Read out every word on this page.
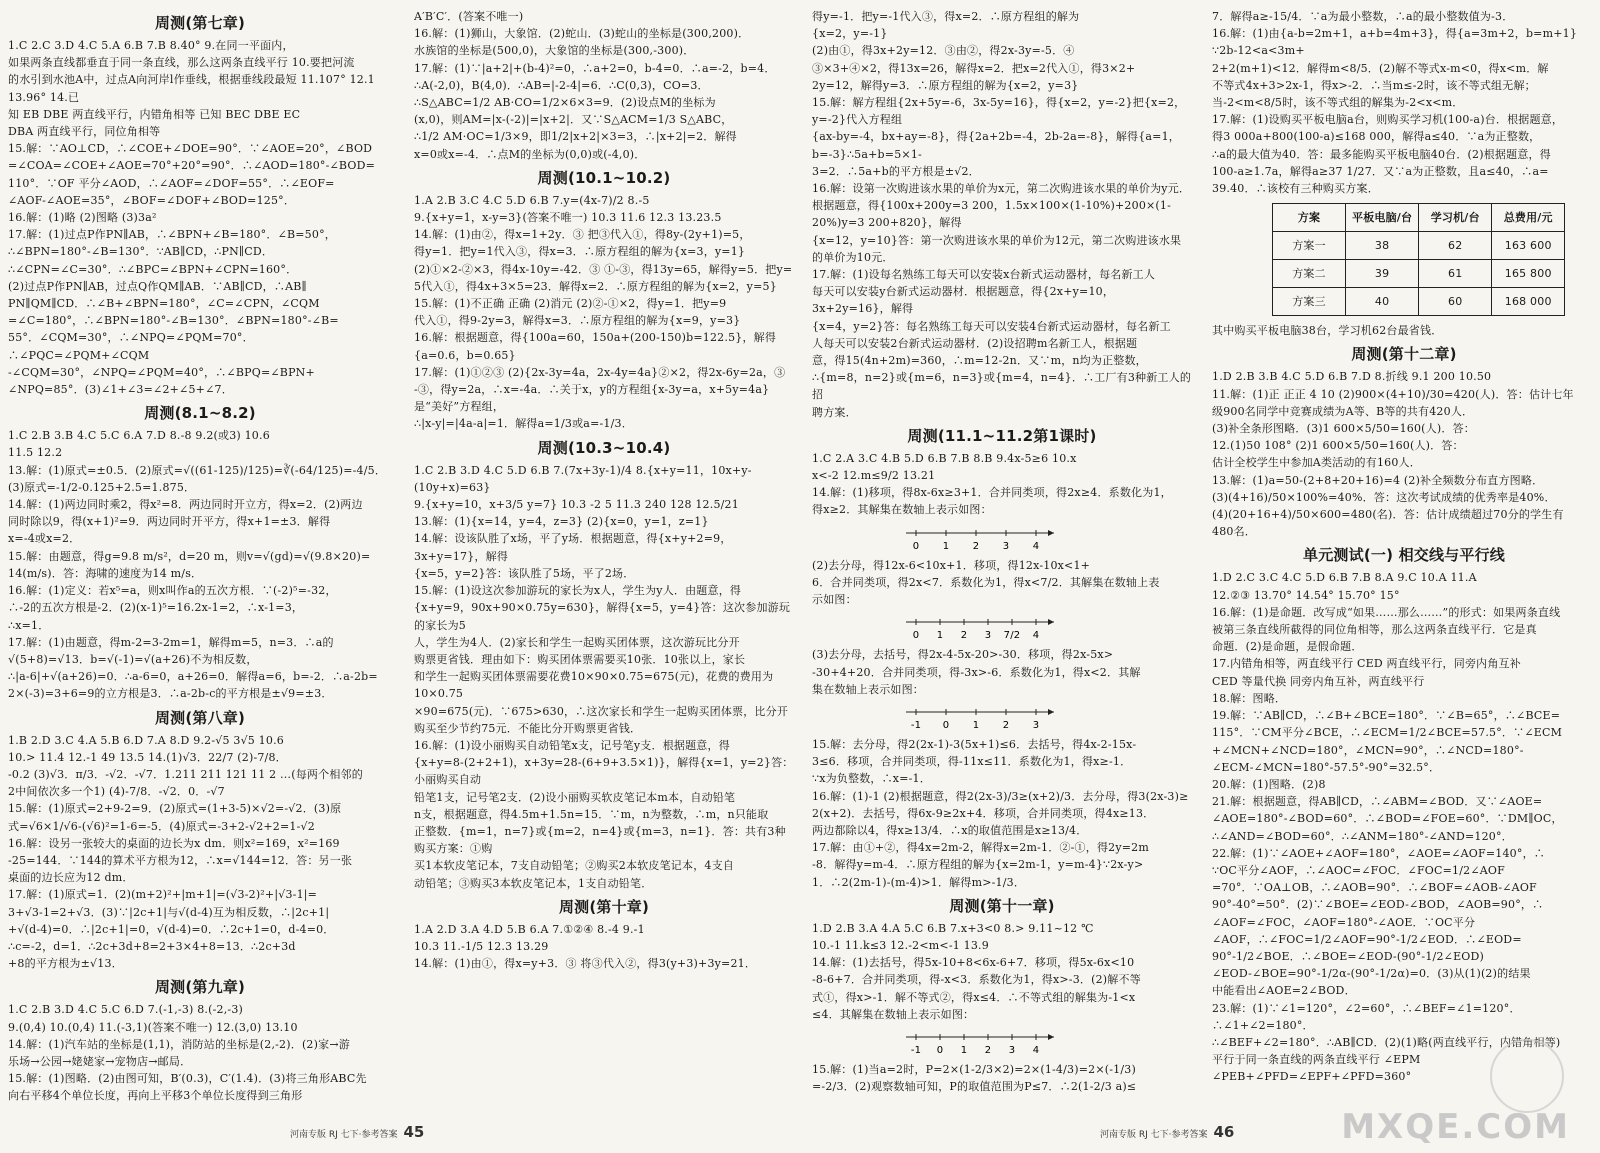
周测(第七章)

1.C 2.C 3.D 4.C 5.A 6.B 7.B 8.40° 9.在同一平面内，

如果两条直线都垂直于同一条直线，那么这两条直线平行 10.要把河流

的水引到水池A中，过点A向河岸l作垂线，根据垂线段最短 11.107° 12.1 13.96° 14.已

知 EB DBE 两直线平行，内错角相等 已知 BEC DBE EC

DBA 两直线平行，同位角相等

15.解：∵AO⊥CD，∴∠COE+∠DOE=90°．∵∠AOE=20°，∠BOD

=∠COA=∠COE+∠AOE=70°+20°=90°．∴∠AOD=180°-∠BOD=

110°．∵OF 平分∠AOD，∴∠AOF=∠DOF=55°．∴∠EOF=

∠AOF-∠AOE=35°，∠BOF=∠DOF+∠BOD=125°．

16.解：(1)略 (2)图略 (3)3a²

17.解：(1)过点P作PN∥AB，∴∠BPN+∠B=180°．∠B=50°，

∴∠BPN=180°-∠B=130°．∵AB∥CD，∴PN∥CD．

∴∠CPN=∠C=30°．∴∠BPC=∠BPN+∠CPN=160°．

(2)过点P作PN∥AB，过点Q作QM∥AB．∵AB∥CD，∴AB∥

PN∥QM∥CD．∴∠B+∠BPN=180°，∠C=∠CPN，∠CQM

=∠C=180°，∴∠BPN=180°-∠B=130°．∠BPN=180°-∠B=

55°．∠CQM=30°，∴∠NPQ=∠PQM=70°．∴∠PQC=∠PQM+∠CQM

-∠CQM=30°，∠NPQ=∠PQM=40°，∴∠BPQ=∠BPN+

∠NPQ=85°．(3)∠1+∠3=∠2+∠5+∠7．

周测(8.1~8.2)

1.C 2.B 3.B 4.C 5.C 6.A 7.D 8.-8 9.2(或3) 10.6

11.5 12.2

13.解：(1)原式=±0.5．(2)原式=√((61-125)/125)=∛(-64/125)=-4/5．

(3)原式=-1/2-0.125+2.5=1.875．

14.解：(1)两边同时乘2，得x²=8．两边同时开立方，得x=2．(2)两边

同时除以9，得(x+1)²=9．两边同时开平方，得x+1=±3．解得

x=-4或x=2．

15.解：由题意，得g=9.8 m/s²，d=20 m，则v=√(gd)=√(9.8×20)=

14(m/s)．答：海啸的速度为14 m/s．

16.解：(1)定义：若x⁵=a，则x叫作a的五次方根．∵(-2)⁵=-32，

∴-2的五次方根是-2．(2)(x-1)⁵=16.2x-1=2，∴x-1=3，

∴x=1．

17.解：(1)由题意，得m-2=3-2m=1，解得m=5，n=3．∴a的

√(5+8)=√13．b=√(-1)=√(a+26)不为相反数，

∴|a-6|+√(a+26)=0．∴a-6=0，a+26=0．解得a=6，b=-2．∴a-2b=

2×(-3)=3+6=9的立方根是3．∴a-2b-c的平方根是±√9=±3．

周测(第八章)

1.B 2.D 3.C 4.A 5.B 6.D 7.A 8.D 9.2-√5 3√5 10.6

10.> 11.4 12.-1 49 13.5 14.(1)√3．22/7 (2)-7/8．

-0.2 (3)√3．π/3．-√2．-√7．1.211 211 121 11 2 …(每两个相邻的

2中间依次多一个1) (4)-7/8．-√2．0．-√7

15.解：(1)原式=2+9-2=9．(2)原式=(1+3-5)×√2=-√2．(3)原

式=√6×1/√6-(√6)²=1-6=-5．(4)原式=-3+2-√2+2=1-√2

16.解：设另一张较大的桌面的边长为x dm．则x²=169，x²=169

-25=144．∵144的算术平方根为12，∴x=√144=12．答：另一张

桌面的边长应为12 dm．

17.解：(1)原式=1．(2)(m+2)²+|m+1|=(√3-2)²+|√3-1|=

3+√3-1=2+√3．(3)∵|2c+1|与√(d-4)互为相反数，∴|2c+1|

+√(d-4)=0．∴|2c+1|=0，√(d-4)=0．∴2c+1=0，d-4=0．

∴c=-2，d=1．∴2c+3d+8=2+3×4+8=13．∴2c+3d

+8的平方根为±√13．

周测(第九章)

1.C 2.B 3.D 4.C 5.C 6.D 7.(-1,-3) 8.(-2,-3)

9.(0,4) 10.(0,4) 11.(-3,1)(答案不唯一) 12.(3,0) 13.10

14.解：(1)汽车站的坐标是(1,1)，消防站的坐标是(2,-2)．(2)家→游

乐场→公园→姥姥家→宠物店→邮局．

15.解：(1)图略．(2)由图可知，B′(0.3)，C′(1.4)．(3)将三角形ABC先

向右平移4个单位长度，再向上平移3个单位长度得到三角形

A′B′C′．(答案不唯一)

16.解：(1)狮山，大象馆．(2)蛇山．(3)蛇山的坐标是(300,200)．

水族馆的坐标是(500,0)，大象馆的坐标是(300,-300)．

17.解：(1)∵|a+2|+(b-4)²=0，∴a+2=0，b-4=0．∴a=-2，b=4．

∴A(-2,0)，B(4,0)．∴AB=|-2-4|=6．∴C(0,3)，CO=3．

∴S△ABC=1/2 AB·CO=1/2×6×3=9．(2)设点M的坐标为

(x,0)，则AM=|x-(-2)|=|x+2|．又∵S△ACM=1/3 S△ABC，

∴1/2 AM·OC=1/3×9，即1/2|x+2|×3=3，∴|x+2|=2．解得

x=0或x=-4．∴点M的坐标为(0,0)或(-4,0)．

周测(10.1~10.2)

1.A 2.B 3.C 4.C 5.D 6.B 7.y=(4x-7)/2 8.-5

9.{x+y=1，x-y=3}(答案不唯一) 10.3 11.6 12.3 13.23.5

14.解：(1)由②，得x=1+2y．③ 把③代入①，得8y-(2y+1)=5，

得y=1．把y=1代入③，得x=3．∴原方程组的解为{x=3，y=1}

(2)①×2-②×3，得4x-10y=-42．③ ①-③，得13y=65，解得y=5．把y=

5代入①，得4x+3×5=23．解得x=2．∴原方程组的解为{x=2，y=5}

15.解：(1)不正确 正确 (2)消元 (2)②-①×2，得y=1．把y=9

代入①，得9-2y=3，解得x=3．∴原方程组的解为{x=9，y=3}

16.解：根据题意，得{100a=60，150a+(200-150)b=122.5}，解得{a=0.6，b=0.65}

17.解：(1)①②③ (2){2x-3y=4a，2x-4y=4a}②×2，得2x-6y=2a，③

-③，得y=2a，∴x=-4a．∴关于x，y的方程组{x-3y=a，x+5y=4a}是“美好”方程组，

∴|x-y|=|4a-a|=1．解得a=1/3或a=-1/3．

周测(10.3~10.4)

1.C 2.B 3.D 4.C 5.D 6.B 7.(7x+3y-1)/4 8.{x+y=11，10x+y-(10y+x)=63}

9.{x+y=10，x+3/5 y=7} 10.3 -2 5 11.3 240 128 12.5/21

13.解：(1){x=14，y=4，z=3} (2){x=0，y=1，z=1}

14.解：设该队胜了x场，平了y场．根据题意，得{x+y+2=9，3x+y=17}，解得

{x=5，y=2}答：该队胜了5场，平了2场．

15.解：(1)设这次参加游玩的家长为x人，学生为y人．由题意，得

{x+y=9，90x+90×0.75y=630}，解得{x=5，y=4}答：这次参加游玩的家长为5

人，学生为4人．(2)家长和学生一起购买团体票，这次游玩比分开

购票更省钱．理由如下：购买团体票需要买10张．10张以上，家长

和学生一起购买团体票需要花费10×90×0.75=675(元)，花费的费用为10×0.75

×90=675(元)．∵675>630，∴这次家长和学生一起购买团体票，比分开

购买至少节约75元．不能比分开购票更省钱．

16.解：(1)设小丽购买自动铅笔x支，记号笔y支．根据题意，得

{x+y=8-(2+2+1)，x+3y=28-(6+9+3.5×1)}，解得{x=1，y=2}答：小丽购买自动

铅笔1支，记号笔2支．(2)设小丽购买软皮笔记本m本，自动铅笔

n支，根据题意，得4.5m+1.5n=15．∵m，n为整数，∴m，n只能取

正整数．{m=1，n=7}或{m=2，n=4}或{m=3，n=1}．答：共有3种购买方案：①购

买1本软皮笔记本，7支自动铅笔；②购买2本软皮笔记本，4支自

动铅笔；③购买3本软皮笔记本，1支自动铅笔．

周测(第十章)

1.A 2.D 3.A 4.D 5.B 6.A 7.①②④ 8.-4 9.-1

10.3 11.-1/5 12.3 13.29

14.解：(1)由①，得x=y+3．③ 将③代入②，得3(y+3)+3y=21．

河南专版 RJ 七下·参考答案 45

得y=-1．把y=-1代入③，得x=2．∴原方程组的解为

{x=2，y=-1}

(2)由①，得3x+2y=12．③由②，得2x-3y=-5．④

③×3+④×2，得13x=26，解得x=2．把x=2代入①，得3×2+

2y=12，解得y=3．∴原方程组的解为{x=2，y=3}

15.解：解方程组{2x+5y=-6，3x-5y=16}，得{x=2，y=-2}把{x=2，y=-2}代入方程组

{ax-by=-4，bx+ay=-8}，得{2a+2b=-4，2b-2a=-8}，解得{a=1，b=-3}∴5a+b=5×1-

3=2．∴5a+b的平方根是±√2．

16.解：设第一次购进该水果的单价为x元，第二次购进该水果的单价为y元．

根据题意，得{100x+200y=3 200，1.5x×100×(1-10%)+200×(1-20%)y=3 200+820}，解得

{x=12，y=10}答：第一次购进该水果的单价为12元，第二次购进该水果

的单价为10元．

17.解：(1)设每名熟练工每天可以安装x台新式运动器材，每名新工人

每天可以安装y台新式运动器材．根据题意，得{2x+y=10，3x+2y=16}，解得

{x=4，y=2}答：每名熟练工每天可以安装4台新式运动器材，每名新工

人每天可以安装2台新式运动器材．(2)设招聘m名新工人，根据题

意，得15(4n+2m)=360，∴m=12-2n．又∵m，n均为正整数，

∴{m=8，n=2}或{m=6，n=3}或{m=4，n=4}．∴工厂有3种新工人的招

聘方案．

周测(11.1~11.2第1课时)

1.C 2.A 3.C 4.B 5.D 6.B 7.B 8.B 9.4x-5≥6 10.x

x<-2 12.m≤9/2 13.21

14.解：(1)移项，得8x-6x≥3+1．合并同类项，得2x≥4．系数化为1，

得x≥2．其解集在数轴上表示如图：

0 1 2 3 4

(2)去分母，得12x-6<10x+1．移项，得12x-10x<1+

6．合并同类项，得2x<7．系数化为1，得x<7/2．其解集在数轴上表

示如图：

0 1 2 3 7/2 4

(3)去分母，去括号，得2x-4-5x-20>-30．移项，得2x-5x>

-30+4+20．合并同类项，得-3x>-6．系数化为1，得x<2．其解

集在数轴上表示如图：

-1 0 1 2 3

15.解：去分母，得2(2x-1)-3(5x+1)≤6．去括号，得4x-2-15x-

3≤6．移项，合并同类项，得-11x≤11．系数化为1，得x≥-1．

∵x为负整数，∴x=-1．

16.解：(1)-1 (2)根据题意，得2(2x-3)/3≥(x+2)/3．去分母，得3(2x-3)≥

2(x+2)．去括号，得6x-9≥2x+4．移项，合并同类项，得4x≥13．

两边都除以4，得x≥13/4．∴x的取值范围是x≥13/4．

17.解：由①+②，得4x=2m-2，解得x=2m-1．②-①，得2y=2m

-8．解得y=m-4．∴原方程组的解为{x=2m-1，y=m-4}∵2x-y>

1．∴2(2m-1)-(m-4)>1．解得m>-1/3．

周测(第十一章)

1.D 2.B 3.A 4.A 5.C 6.B 7.x+3<0 8.> 9.11~12 ℃

10.-1 11.k≤3 12.-2<m<-1 13.9

14.解：(1)去括号，得5x-10+8<6x-6+7．移项，得5x-6x<10

-8-6+7．合并同类项，得-x<3．系数化为1，得x>-3．(2)解不等

式①，得x>-1．解不等式②，得x≤4．∴不等式组的解集为-1<x

≤4．其解集在数轴上表示如图：

-1 0 1 2 3 4

15.解：(1)当a=2时，P=2×(1-2/3×2)=2×(1-4/3)=2×(-1/3)

=-2/3．(2)观察数轴可知，P的取值范围为P≤7．∴2(1-2/3 a)≤

7．解得a≥-15/4．∵a为最小整数，∴a的最小整数值为-3．

16.解：(1)由{a-b=2m+1，a+b=4m+3}，得{a=3m+2，b=m+1}∵2b-12<a<3m+

2+2(m+1)<12．解得m<8/5．(2)解不等式x-m<0，得x<m．解

不等式4x+3>2x-1，得x>-2．∴当m≤-2时，该不等式组无解；

当-2<m<8/5时，该不等式组的解集为-2<x<m．

17.解：(1)设购买平板电脑a台，则购买学习机(100-a)台．根据题意，

得3 000a+800(100-a)≤168 000，解得a≤40．∵a为正整数，

∴a的最大值为40．答：最多能购买平板电脑40台．(2)根据题意，得

100-a≥1.7a，解得a≥37 1/27．又∵a为正整数，且a≤40，∴a=

39.40．∴该校有三种购买方案．

方案	平板电脑/台	学习机/台	总费用/元
方案一	38	62	163 600
方案二	39	61	165 800
方案三	40	60	168 000

其中购买平板电脑38台，学习机62台最省钱．

周测(第十二章)

1.D 2.B 3.B 4.C 5.D 6.B 7.D 8.折线 9.1 200 10.50

11.解：(1)正 正正 4 10 (2)900×(4+10)/30=420(人)．答：估计七年

级900名同学中竞赛成绩为A等、B等的共有420人．

(3)补全条形图略．(3)1 600×5/50=160(人)．答：

12.(1)50 108° (2)1 600×5/50=160(人)．答：

估计全校学生中参加A类活动的有160人．

13.解：(1)a=50-(2+8+20+16)=4 (2)补全频数分布直方图略．

(3)(4+16)/50×100%=40%．答：这次考试成绩的优秀率是40%．

(4)(20+16+4)/50×600=480(名)．答：估计成绩超过70分的学生有

480名．

单元测试(一) 相交线与平行线

1.D 2.C 3.C 4.C 5.D 6.B 7.B 8.A 9.C 10.A 11.A

12.②③ 13.70° 14.54° 15.70° 15°

16.解：(1)是命题．改写成“如果……那么……”的形式：如果两条直线

被第三条直线所截得的同位角相等，那么这两条直线平行．它是真

命题．(2)是命题，是假命题．

17.内错角相等，两直线平行 CED 两直线平行，同旁内角互补

CED 等量代换 同旁内角互补，两直线平行

18.解：图略．

19.解：∵AB∥CD，∴∠B+∠BCE=180°．∵∠B=65°，∴∠BCE=

115°．∵CM平分∠BCE，∴∠ECM=1/2∠BCE=57.5°．∵∠ECM

+∠MCN+∠NCD=180°，∠MCN=90°，∴∠NCD=180°-

∠ECM-∠MCN=180°-57.5°-90°=32.5°．

20.解：(1)图略．(2)8

21.解：根据题意，得AB∥CD，∴∠ABM=∠BOD．又∵∠AOE=

∠AOE=180°-∠BOD=60°．∴∠BOD=∠FOE=60°．∵DM∥OC，

∴∠AND=∠BOD=60°．∴∠ANM=180°-∠AND=120°．

22.解：(1)∵∠AOE+∠AOF=180°，∠AOE=∠AOF=140°，∴

∵OC平分∠AOF，∴∠AOC=∠FOC．∠FOC=1/2∠AOF

=70°．∵OA⊥OB，∴∠AOB=90°．∴∠BOF=∠AOB-∠AOF

90°-40°=50°．(2)∵∠BOE=∠EOD-∠BOD，∠AOB=90°，∴

∠AOF=∠FOC，∠AOF=180°-∠AOE．∵OC平分

∠AOF，∴∠FOC=1/2∠AOF=90°-1/2∠EOD．∴∠EOD=

90°-1/2∠BOE．∴∠BOE=∠EOD-(90°-1/2∠EOD)

∠EOD-∠BOE=90°-1/2α-(90°-1/2α)=0．(3)从(1)(2)的结果

中能看出∠AOE=2∠BOD．

23.解：(1)∵∠1=120°，∠2=60°，∴∠BEF=∠1=120°．∴∠1+∠2=180°．

∴∠BEF+∠2=180°．∴AB∥CD．(2)(1)略(两直线平行，内错角相等)

平行于同一条直线的两条直线平行 ∠EPM

∠PEB+∠PFD=∠EPF+∠PFD=360°

MXQE.COM
河南专版 RJ 七下·参考答案 46
